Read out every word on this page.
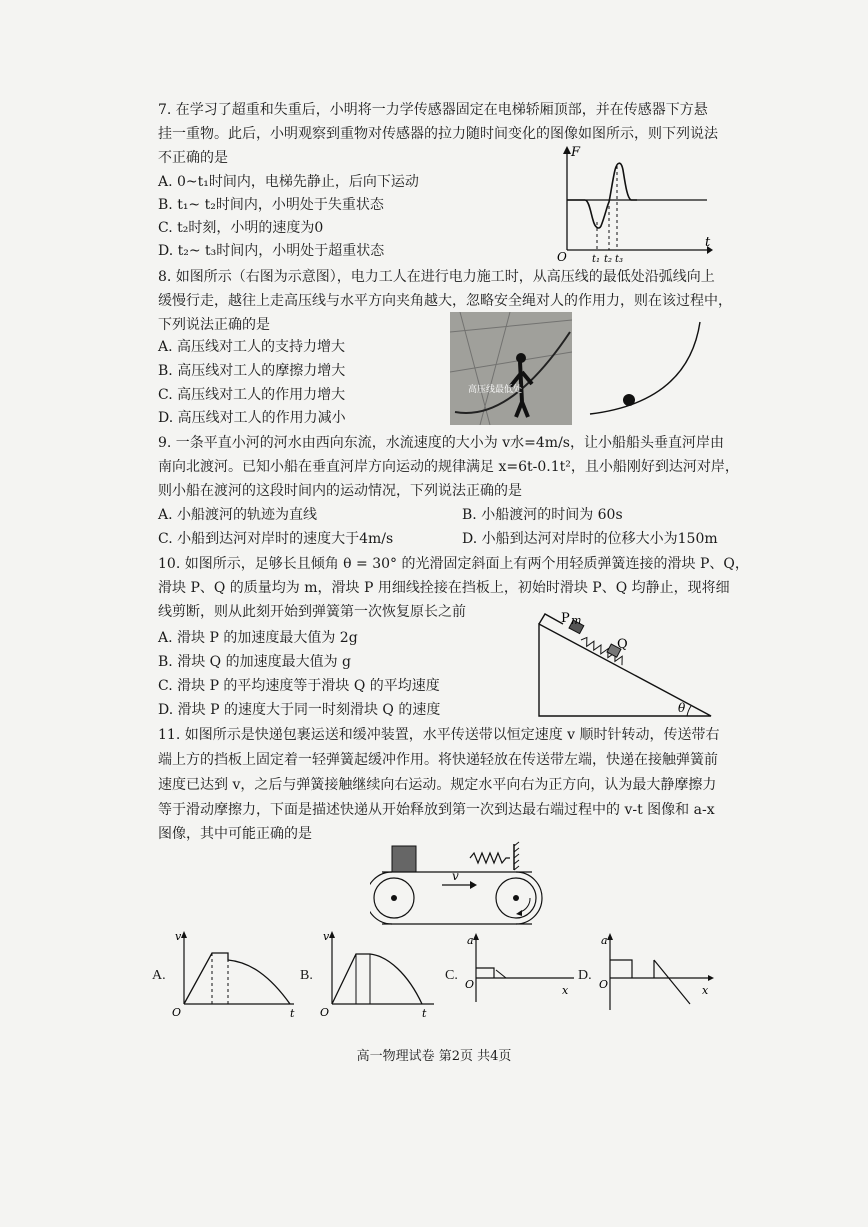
7. 在学习了超重和失重后，小明将一力学传感器固定在电梯轿厢顶部，并在传感器下方悬
挂一重物。此后，小明观察到重物对传感器的拉力随时间变化的图像如图所示，则下列说法
不正确的是
A. 0~t₁时间内，电梯先静止，后向下运动
B. t₁~ t₂时间内，小明处于失重状态
C. t₂时刻，小明的速度为0
D. t₂~ t₃时间内，小明处于超重状态
F
t
O	t₁ t₂ t₃
8. 如图所示（右图为示意图），电力工人在进行电力施工时，从高压线的最低处沿弧线向上
缓慢行走，越往上走高压线与水平方向夹角越大，忽略安全绳对人的作用力，则在该过程中，
下列说法正确的是
A. 高压线对工人的支持力增大
B. 高压线对工人的摩擦力增大
C. 高压线对工人的作用力增大
D. 高压线对工人的作用力减小
高压线最低处
9. 一条平直小河的河水由西向东流，水流速度的大小为 v水=4m/s，让小船船头垂直河岸由
南向北渡河。已知小船在垂直河岸方向运动的规律满足 x=6t-0.1t²，且小船刚好到达河对岸，
则小船在渡河的这段时间内的运动情况，下列说法正确的是
A. 小船渡河的轨迹为直线	B. 小船渡河的时间为 60s
C. 小船到达河对岸时的速度大于4m/s	D. 小船到达河对岸时的位移大小为150m
10. 如图所示，足够长且倾角 θ = 30° 的光滑固定斜面上有两个用轻质弹簧连接的滑块 P、Q，
滑块 P、Q 的质量均为 m，滑块 P 用细线拴接在挡板上，初始时滑块 P、Q 均静止，现将细
线剪断，则从此刻开始到弹簧第一次恢复原长之前
A. 滑块 P 的加速度最大值为 2g
B. 滑块 Q 的加速度最大值为 g
C. 滑块 P 的平均速度等于滑块 Q 的平均速度
D. 滑块 P 的速度大于同一时刻滑块 Q 的速度
P m
Q
θ
11. 如图所示是快递包裹运送和缓冲装置，水平传送带以恒定速度 v 顺时针转动，传送带右
端上方的挡板上固定着一轻弹簧起缓冲作用。将快递轻放在传送带左端，快递在接触弹簧前
速度已达到 v，之后与弹簧接触继续向右运动。规定水平向右为正方向，认为最大静摩擦力
等于滑动摩擦力，下面是描述快递从开始释放到第一次到达最右端过程中的 v-t 图像和 a-x
图像，其中可能正确的是
v
A.
v
O	t
B.
v
O	t
C.
a
O	x
D.
a
O	x
高一物理试卷 第2页 共4页
